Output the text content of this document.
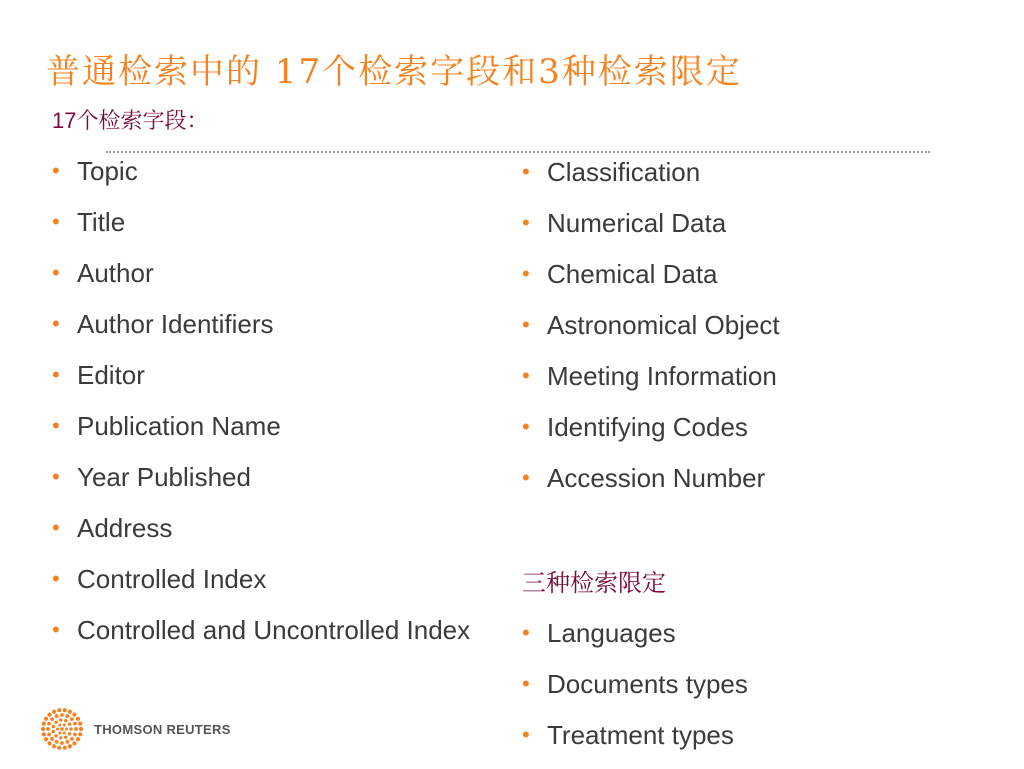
普通检索中的 17个检索字段和3种检索限定
17个检索字段：
• Topic
• Title
• Author
• Author Identifiers
• Editor
• Publication Name
• Year Published
• Address
• Controlled Index
• Controlled and Uncontrolled Index
• Classification
• Numerical Data
• Chemical Data
• Astronomical Object
• Meeting Information
• Identifying Codes
• Accession Number
三种检索限定
• Languages
• Documents types
• Treatment types
THOMSON REUTERS
